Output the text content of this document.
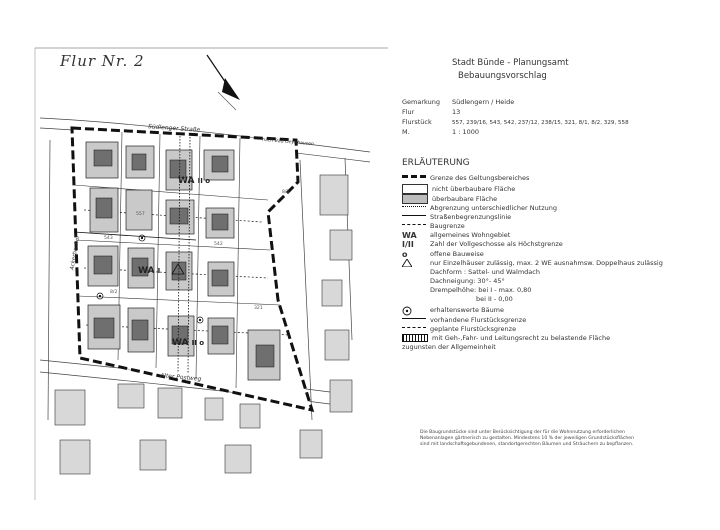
Flur Nr. 2
Südlenger Straße
nach Bad Oeynhausen
Alter Postweg
Ackerbauhof
WA II o
WA I
WA II o
557
543
542
321
8/1
8/2
Stadt Bünde - Planungsamt
Bebauungsvorschlag
Gemarkung Südlengern / Heide
Flur	13
Flurstück	557, 239/16, 543, 542, 237/12, 238/15, 321, 8/1, 8/2, 329, 558
M.	1 : 1000
ERLÄUTERUNG
Grenze des Geltungsbereiches
nicht überbaubare Fläche
überbaubare Fläche
Abgrenzung unterschiedlicher Nutzung
Straßenbegrenzungslinie
Baugrenze
WA allgemeines Wohngebiet
I/II Zahl der Vollgeschosse als Höchstgrenze
o	offene Bauweise
nur Einzelhäuser zulässig, max. 2 WE ausnahmsw. Doppelhaus zulässig
Dachform : Sattel- und Walmdach
Dachneigung: 30°- 45°
Drempelhöhe: bei I - max. 0,80
bei II - 0,00
erhaltenswerte Bäume
vorhandene Flurstücksgrenze
geplante Flurstücksgrenze
mit Geh-,Fahr- und Leitungsrecht zu belastende Fläche zugunsten der Allgemeinheit
Die Baugrundstücke sind unter Berücksichtigung der für die Wohnnutzung erforderlichen Nebenanlagen gärtnerisch zu gestalten. Mindestens 10 % der jeweiligen Grundstücksflächen sind mit landschaftsgebundenen, standortgerechten Bäumen und Sträuchern zu bepflanzen.
